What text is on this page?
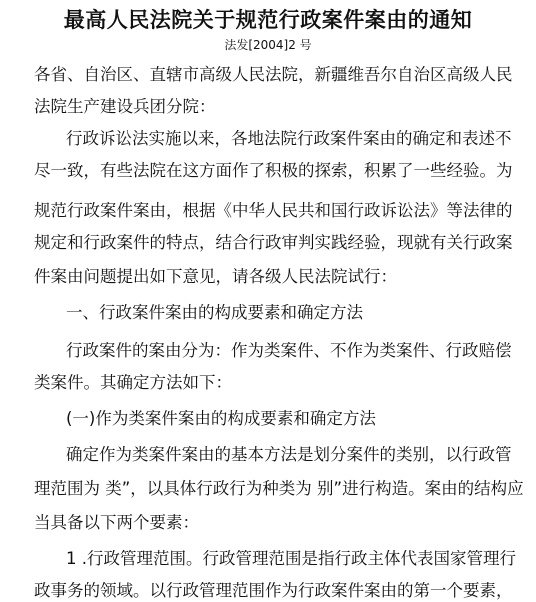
最高人民法院关于规范行政案件案由的通知
法发[2004]2 号
各省、自治区、直辖市高级人民法院，新疆维吾尔自治区高级人民
法院生产建设兵团分院：
行政诉讼法实施以来，各地法院行政案件案由的确定和表述不
尽一致，有些法院在这方面作了积极的探索，积累了一些经验。为
规范行政案件案由，根据《中华人民共和国行政诉讼法》等法律的
规定和行政案件的特点，结合行政审判实践经验，现就有关行政案
件案由问题提出如下意见，请各级人民法院试行：
一、行政案件案由的构成要素和确定方法
行政案件的案由分为：作为类案件、不作为类案件、行政赔偿
类案件。其确定方法如下：
(一)作为类案件案由的构成要素和确定方法
确定作为类案件案由的基本方法是划分案件的类别，以行政管
理范围为 类”，以具体行政行为种类为 别”进行构造。案由的结构应
当具备以下两个要素：
1 .行政管理范围。行政管理范围是指行政主体代表国家管理行
政事务的领域。以行政管理范围作为行政案件案由的第一个要素，
